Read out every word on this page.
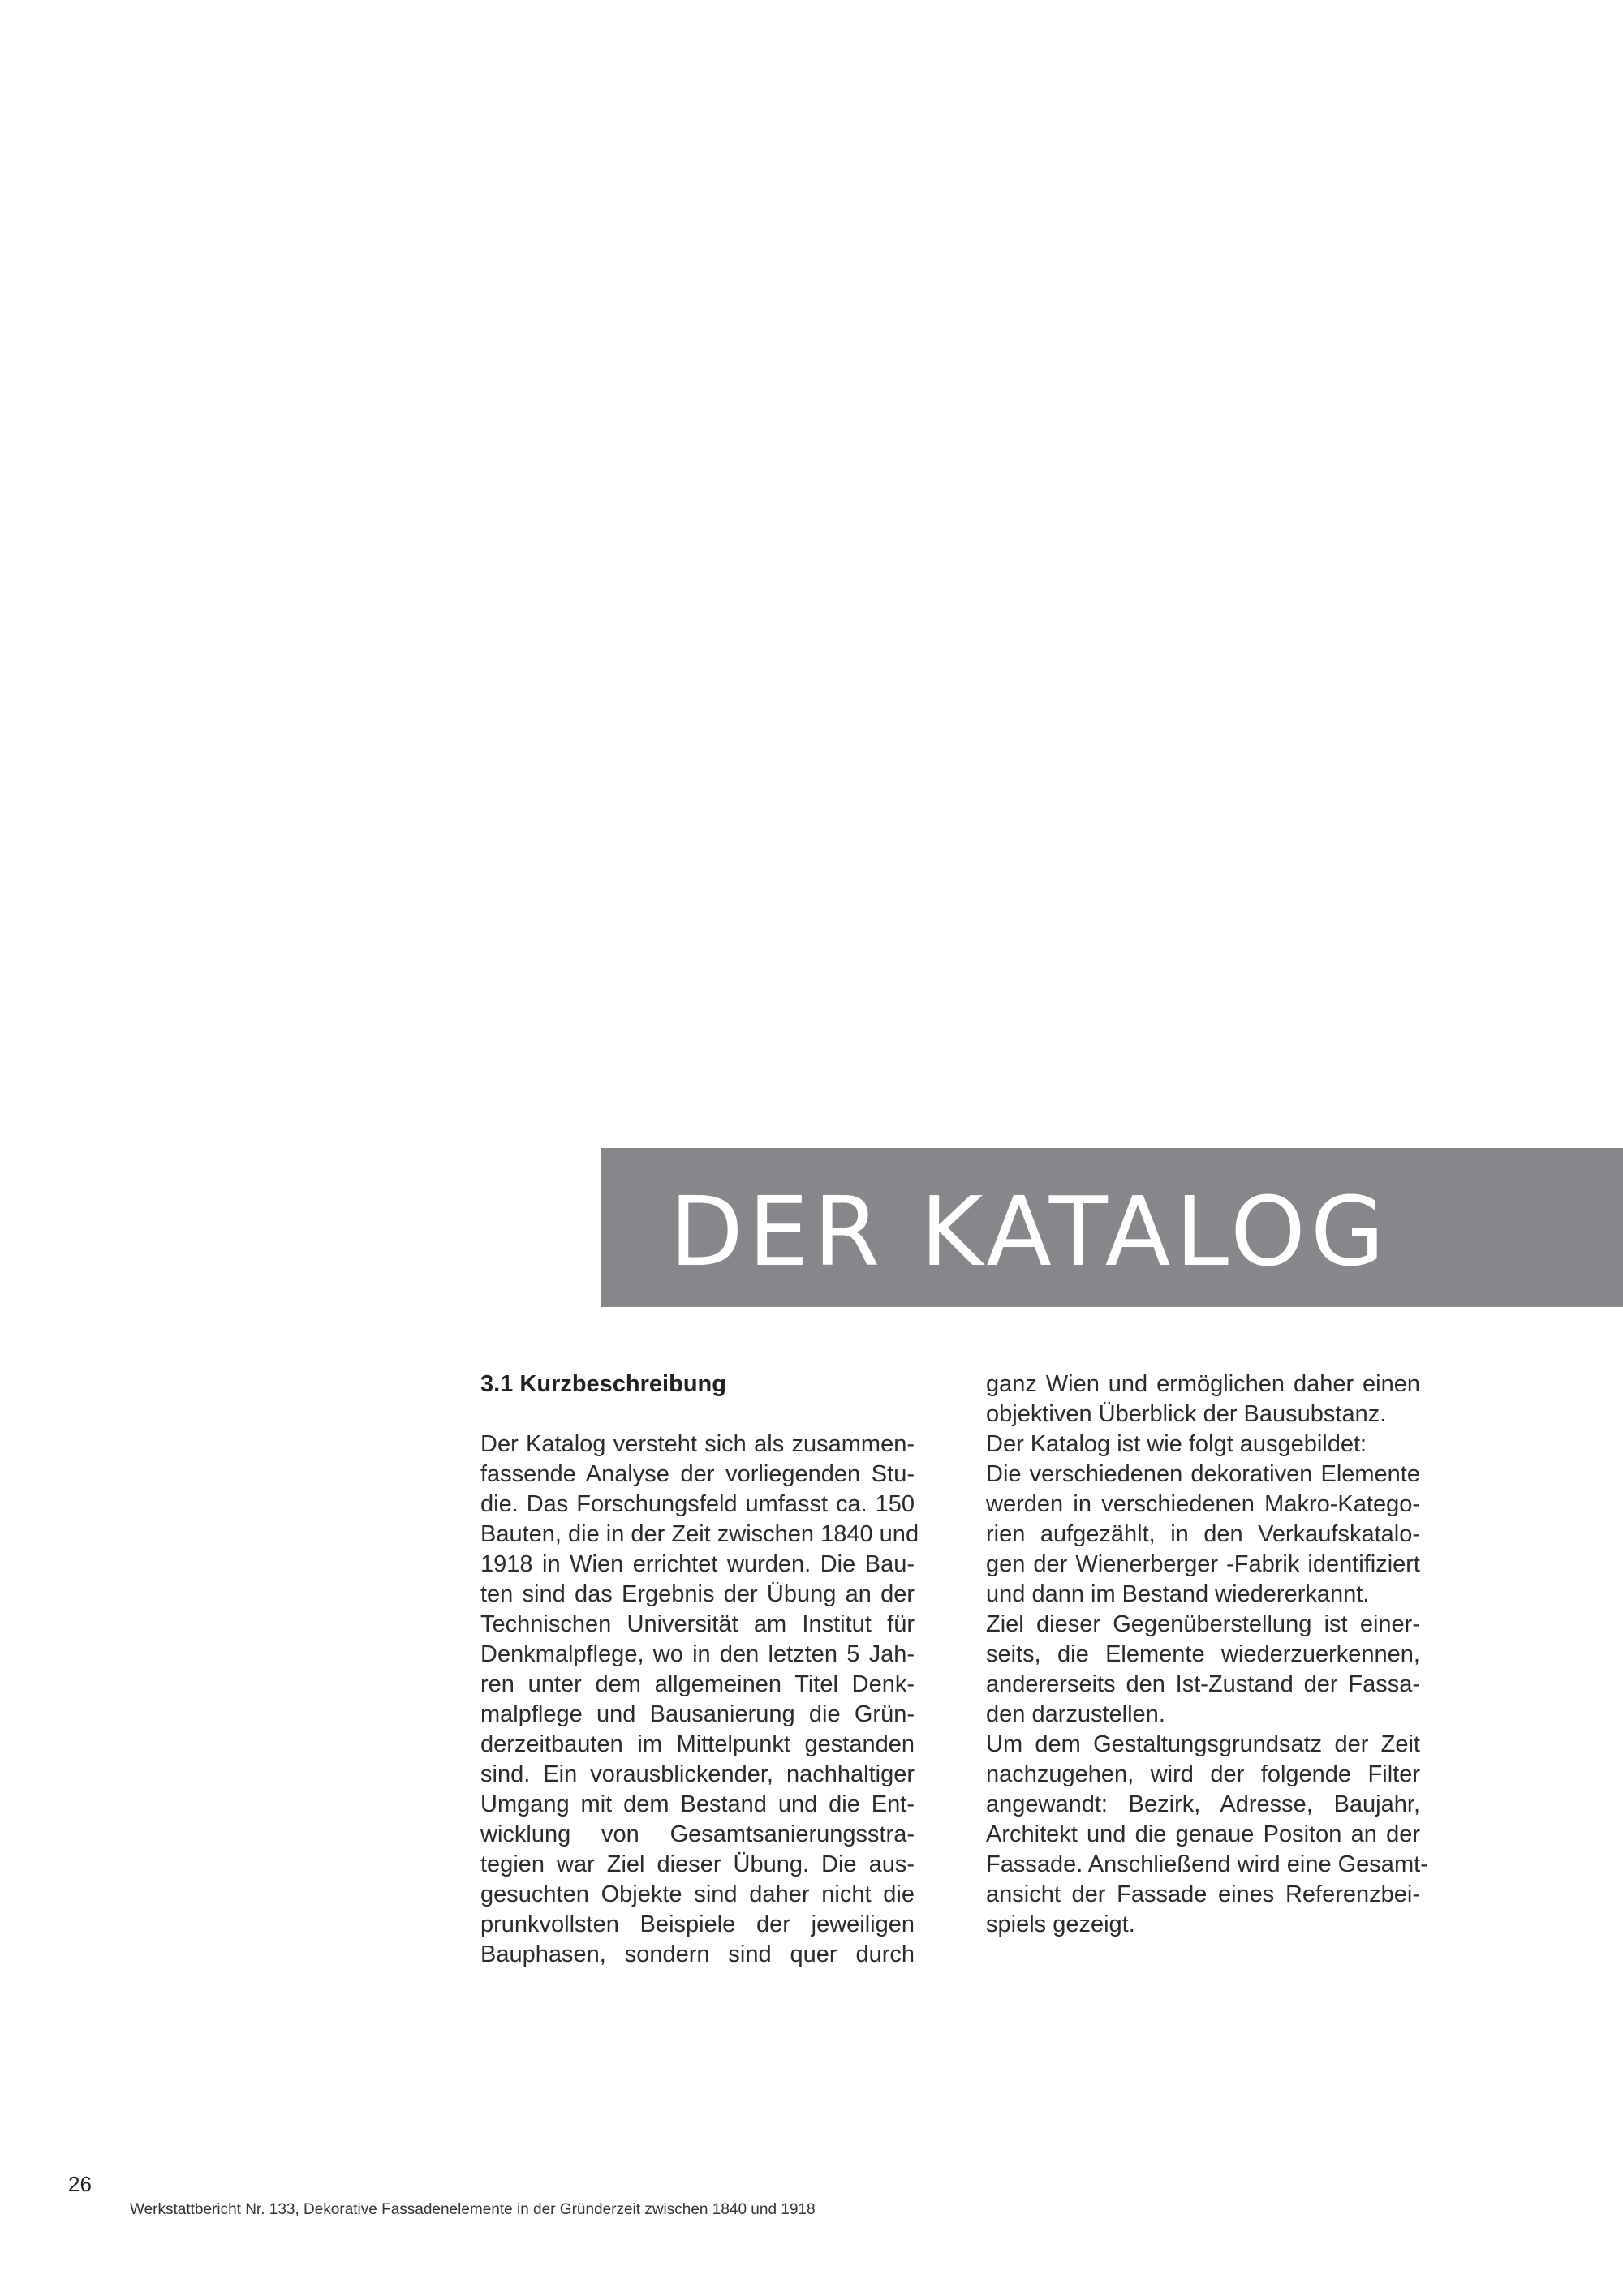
DER KATALOG
3.1 Kurzbeschreibung
Der Katalog versteht sich als zusammen-
fassende Analyse der vorliegenden Stu-
die. Das Forschungsfeld umfasst ca. 150
Bauten, die in der Zeit zwischen 1840 und
1918 in Wien errichtet wurden. Die Bau-
ten sind das Ergebnis der Übung an der
Technischen Universität am Institut für
Denkmalpflege, wo in den letzten 5 Jah-
ren unter dem allgemeinen Titel Denk-
malpflege und Bausanierung die Grün-
derzeitbauten im Mittelpunkt gestanden
sind. Ein vorausblickender, nachhaltiger
Umgang mit dem Bestand und die Ent-
wicklung von Gesamtsanierungsstra-
tegien war Ziel dieser Übung. Die aus-
gesuchten Objekte sind daher nicht die
prunkvollsten Beispiele der jeweiligen
Bauphasen, sondern sind quer durch
ganz Wien und ermöglichen daher einen
objektiven Überblick der Bausubstanz.
Der Katalog ist wie folgt ausgebildet:
Die verschiedenen dekorativen Elemente
werden in verschiedenen Makro-Katego-
rien aufgezählt, in den Verkaufskatalo-
gen der Wienerberger -Fabrik identifiziert
und dann im Bestand wiedererkannt.
Ziel dieser Gegenüberstellung ist einer-
seits, die Elemente wiederzuerkennen,
andererseits den Ist-Zustand der Fassa-
den darzustellen.
Um dem Gestaltungsgrundsatz der Zeit
nachzugehen, wird der folgende Filter
angewandt: Bezirk, Adresse, Baujahr,
Architekt und die genaue Positon an der
Fassade. Anschließend wird eine Gesamt-
ansicht der Fassade eines Referenzbei-
spiels gezeigt.
26
Werkstattbericht Nr. 133, Dekorative Fassadenelemente in der Gründerzeit zwischen 1840 und 1918
